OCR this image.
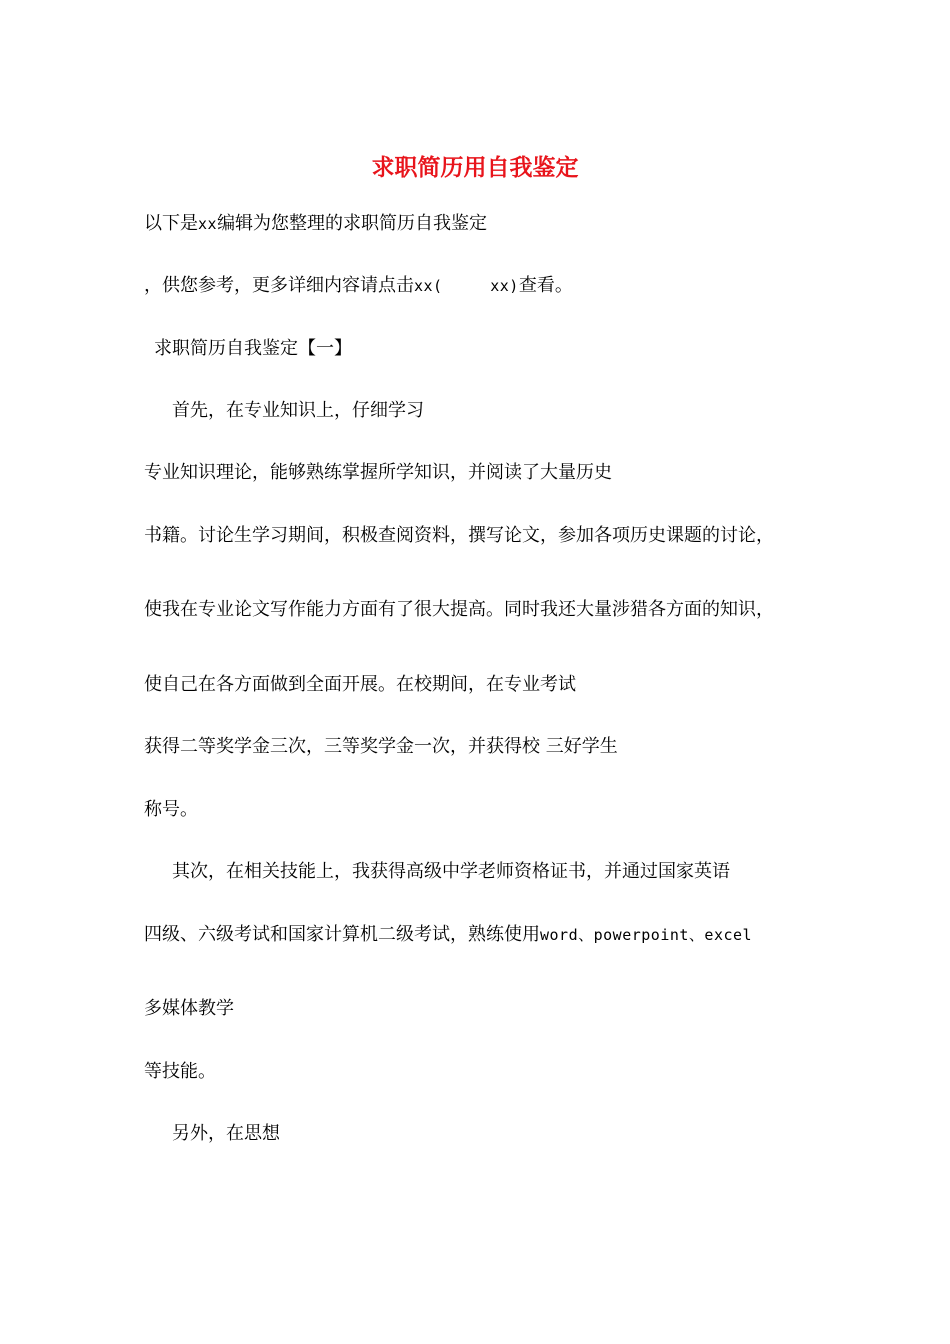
求职简历用自我鉴定
以下是xx编辑为您整理的求职简历自我鉴定
，供您参考，更多详细内容请点击xx(     xx)查看。
求职简历自我鉴定【一】
首先，在专业知识上，仔细学习
专业知识理论，能够熟练掌握所学知识，并阅读了大量历史
书籍。讨论生学习期间，积极查阅资料，撰写论文，参加各项历史课题的讨论，
使我在专业论文写作能力方面有了很大提高。同时我还大量涉猎各方面的知识，
使自己在各方面做到全面开展。在校期间，在专业考试
获得二等奖学金三次，三等奖学金一次，并获得校 三好学生
称号。
其次，在相关技能上，我获得高级中学老师资格证书，并通过国家英语
四级、六级考试和国家计算机二级考试，熟练使用word、powerpoint、excel
多媒体教学
等技能。
另外，在思想
